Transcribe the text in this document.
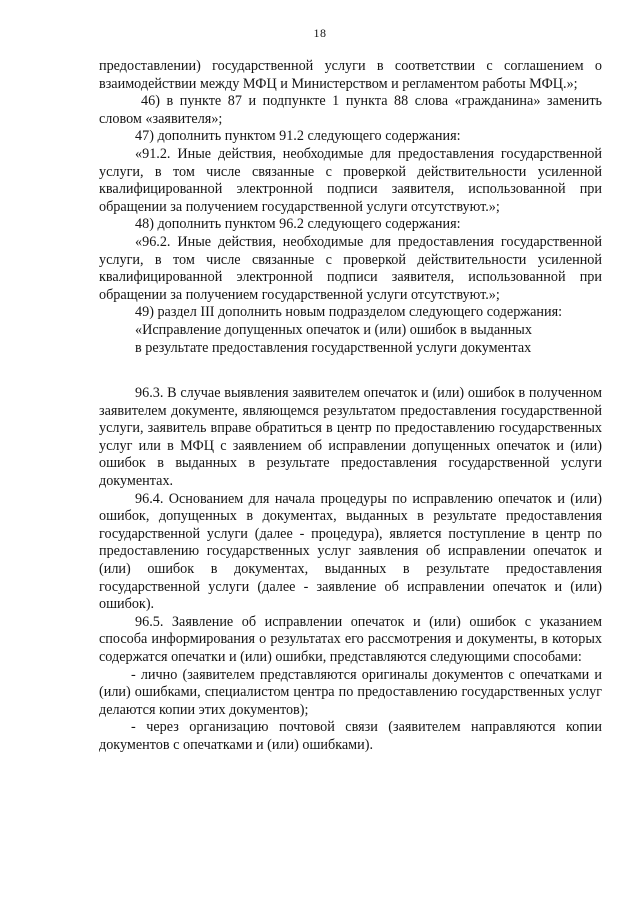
18

предоставлении) государственной услуги в соответствии с соглашением о взаимодействии между МФЦ и Министерством и регламентом работы МФЦ.»;

46) в пункте 87 и подпункте 1 пункта 88 слова «гражданина» заменить словом «заявителя»;

47) дополнить пунктом 91.2 следующего содержания:

«91.2. Иные действия, необходимые для предоставления государственной услуги, в том числе связанные с проверкой действительности усиленной квалифицированной электронной подписи заявителя, использованной при обращении за получением государственной услуги отсутствуют.»;

48) дополнить пунктом 96.2 следующего содержания:

«96.2. Иные действия, необходимые для предоставления государственной услуги, в том числе связанные с проверкой действительности усиленной квалифицированной электронной подписи заявителя, использованной при обращении за получением государственной услуги отсутствуют.»;

49) раздел III дополнить новым подразделом следующего содержания:

«Исправление допущенных опечаток и (или) ошибок в выданных

в результате предоставления государственной услуги документах

96.3. В случае выявления заявителем опечаток и (или) ошибок в полученном заявителем документе, являющемся результатом предоставления государственной услуги, заявитель вправе обратиться в центр по предоставлению государственных услуг или в МФЦ с заявлением об исправлении допущенных опечаток и (или) ошибок в выданных в результате предоставления государственной услуги документах.

96.4. Основанием для начала процедуры по исправлению опечаток и (или) ошибок, допущенных в документах, выданных в результате предоставления государственной услуги (далее - процедура), является поступление в центр по предоставлению государственных услуг заявления об исправлении опечаток и (или) ошибок в документах, выданных в результате предоставления государственной услуги (далее - заявление об исправлении опечаток и (или) ошибок).

96.5. Заявление об исправлении опечаток и (или) ошибок с указанием способа информирования о результатах его рассмотрения и документы, в которых содержатся опечатки и (или) ошибки, представляются следующими способами:

- лично (заявителем представляются оригиналы документов с опечатками и (или) ошибками, специалистом центра по предоставлению государственных услуг делаются копии этих документов);

- через организацию почтовой связи (заявителем направляются копии документов с опечатками и (или) ошибками).
